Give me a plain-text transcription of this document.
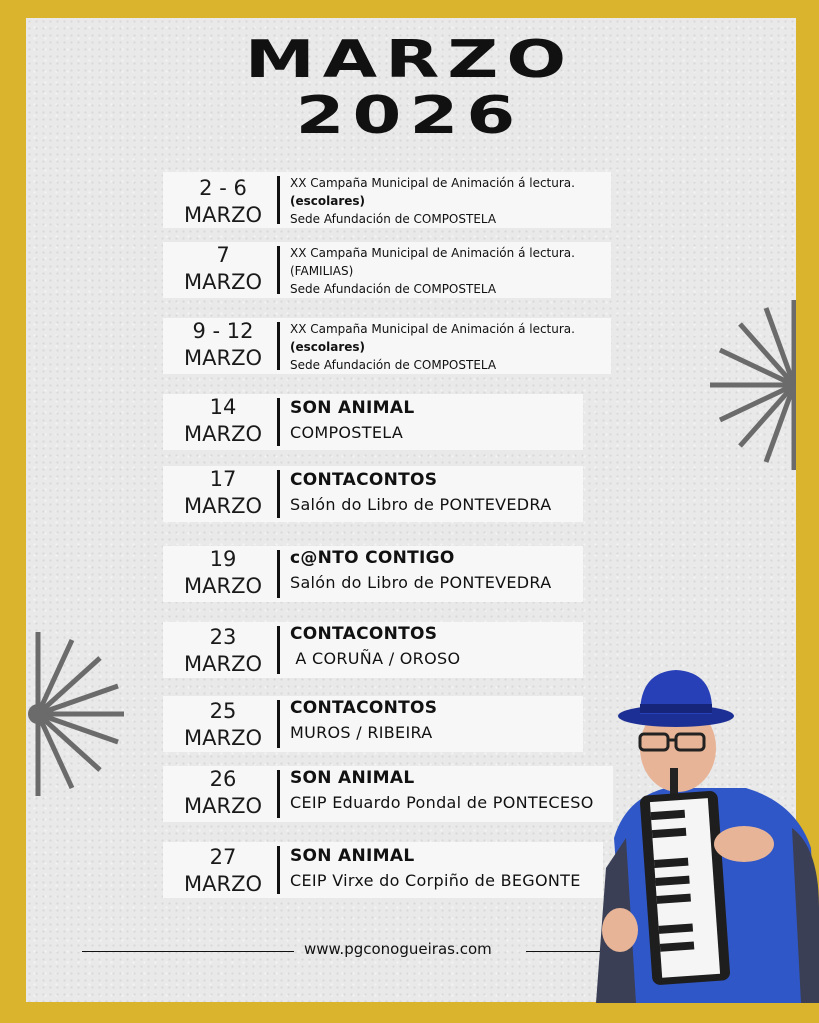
MARZO
2026
2 - 6
MARZO
XX Campaña Municipal de Animación á lectura.
(escolares)
Sede Afundación de COMPOSTELA
7
MARZO
XX Campaña Municipal de Animación á lectura.
(FAMILIAS)
Sede Afundación de COMPOSTELA
9 - 12
MARZO
XX Campaña Municipal de Animación á lectura.
(escolares)
Sede Afundación de COMPOSTELA
14
MARZO
SON ANIMAL
COMPOSTELA
17
MARZO
CONTACONTOS
Salón do Libro de PONTEVEDRA
19
MARZO
c@NTO CONTIGO
Salón do Libro de PONTEVEDRA
23
MARZO
CONTACONTOS
A CORUÑA / OROSO
25
MARZO
CONTACONTOS
MUROS / RIBEIRA
26
MARZO
SON ANIMAL
CEIP Eduardo Pondal de PONTECESO
27
MARZO
SON ANIMAL
CEIP Virxe do Corpiño de BEGONTE
www.pgconogueiras.com
